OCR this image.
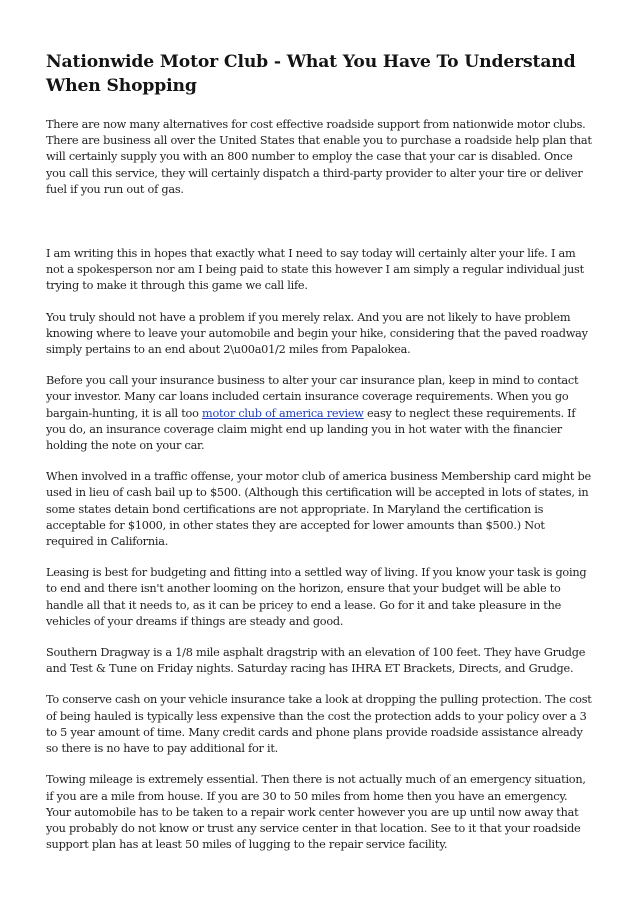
Nationwide Motor Club - What You Have To Understand When Shopping

There are now many alternatives for cost effective roadside support from nationwide motor clubs. There are business all over the United States that enable you to purchase a roadside help plan that will certainly supply you with an 800 number to employ the case that your car is disabled. Once you call this service, they will certainly dispatch a third-party provider to alter your tire or deliver fuel if you run out of gas.

I am writing this in hopes that exactly what I need to say today will certainly alter your life. I am not a spokesperson nor am I being paid to state this however I am simply a regular individual just trying to make it through this game we call life.

You truly should not have a problem if you merely relax. And you are not likely to have problem knowing where to leave your automobile and begin your hike, considering that the paved roadway simply pertains to an end about 2\u00a01/2 miles from Papalokea.

Before you call your insurance business to alter your car insurance plan, keep in mind to contact your investor. Many car loans included certain insurance coverage requirements. When you go bargain-hunting, it is all too motor club of america review easy to neglect these requirements. If you do, an insurance coverage claim might end up landing you in hot water with the financier holding the note on your car.

When involved in a traffic offense, your motor club of america business Membership card might be used in lieu of cash bail up to $500. (Although this certification will be accepted in lots of states, in some states detain bond certifications are not appropriate. In Maryland the certification is acceptable for $1000, in other states they are accepted for lower amounts than $500.) Not required in California.

Leasing is best for budgeting and fitting into a settled way of living. If you know your task is going to end and there isn't another looming on the horizon, ensure that your budget will be able to handle all that it needs to, as it can be pricey to end a lease. Go for it and take pleasure in the vehicles of your dreams if things are steady and good.

Southern Dragway is a 1/8 mile asphalt dragstrip with an elevation of 100 feet. They have Grudge and Test & Tune on Friday nights. Saturday racing has IHRA ET Brackets, Directs, and Grudge.

To conserve cash on your vehicle insurance take a look at dropping the pulling protection. The cost of being hauled is typically less expensive than the cost the protection adds to your policy over a 3 to 5 year amount of time. Many credit cards and phone plans provide roadside assistance already so there is no have to pay additional for it.

Towing mileage is extremely essential. Then there is not actually much of an emergency situation, if you are a mile from house. If you are 30 to 50 miles from home then you have an emergency. Your automobile has to be taken to a repair work center however you are up until now away that you probably do not know or trust any service center in that location. See to it that your roadside support plan has at least 50 miles of lugging to the repair service facility.
